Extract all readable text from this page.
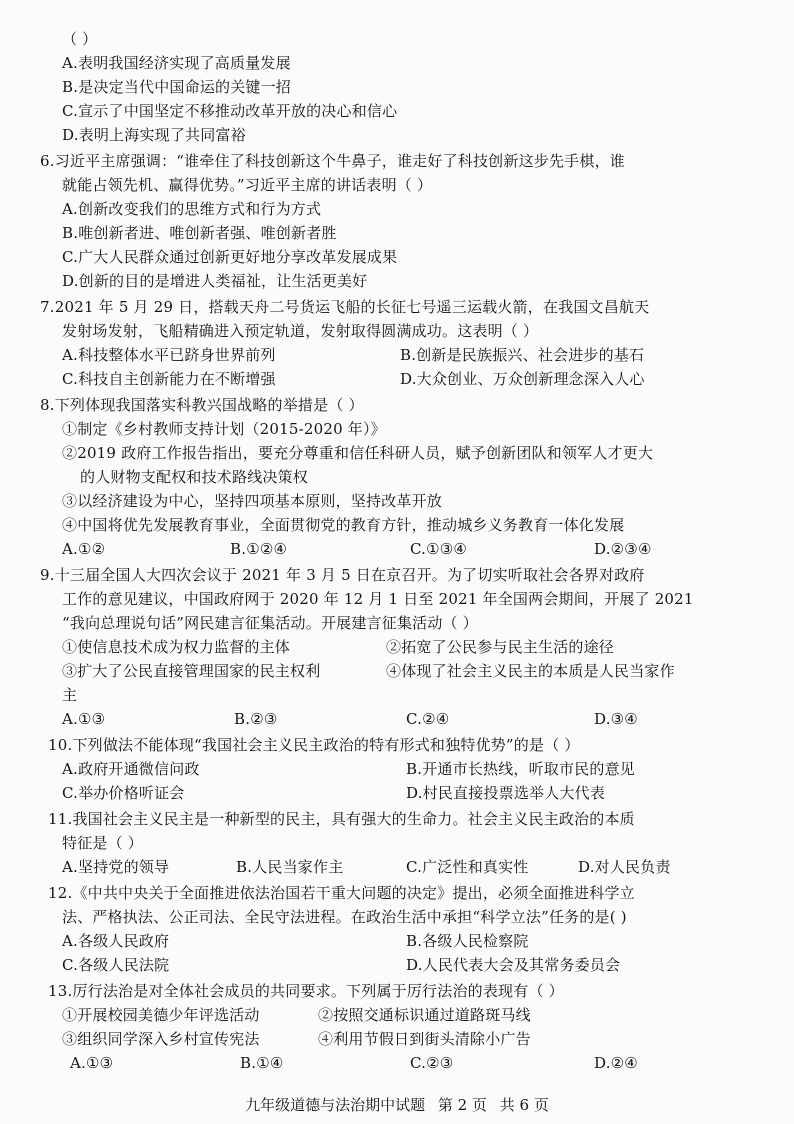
（ ）
A.表明我国经济实现了高质量发展
B.是决定当代中国命运的关键一招
C.宣示了中国坚定不移推动改革开放的决心和信心
D.表明上海实现了共同富裕
6.习近平主席强调：“谁牵住了科技创新这个牛鼻子，谁走好了科技创新这步先手棋，谁
就能占领先机、赢得优势。”习近平主席的讲话表明（ ）
A.创新改变我们的思维方式和行为方式
B.唯创新者进、唯创新者强、唯创新者胜
C.广大人民群众通过创新更好地分享改革发展成果
D.创新的目的是增进人类福祉，让生活更美好
7.2021 年 5 月 29 日，搭载天舟二号货运飞船的长征七号遥三运载火箭，在我国文昌航天
发射场发射，飞船精确进入预定轨道，发射取得圆满成功。这表明（ ）
A.科技整体水平已跻身世界前列	B.创新是民族振兴、社会进步的基石
C.科技自主创新能力在不断增强	D.大众创业、万众创新理念深入人心
8.下列体现我国落实科教兴国战略的举措是（ ）
①制定《乡村教师支持计划（2015-2020 年）》
②2019 政府工作报告指出，要充分尊重和信任科研人员，赋予创新团队和领军人才更大
的人财物支配权和技术路线决策权
③以经济建设为中心，坚持四项基本原则，坚持改革开放
④中国将优先发展教育事业，全面贯彻党的教育方针，推动城乡义务教育一体化发展
A.①②	B.①②④	C.①③④	D.②③④
9.十三届全国人大四次会议于 2021 年 3 月 5 日在京召开。为了切实听取社会各界对政府
工作的意见建议，中国政府网于 2020 年 12 月 1 日至 2021 年全国两会期间，开展了 2021
“我向总理说句话”网民建言征集活动。开展建言征集活动（ ）
①使信息技术成为权力监督的主体	②拓宽了公民参与民主生活的途径
③扩大了公民直接管理国家的民主权利	④体现了社会主义民主的本质是人民当家作
主
A.①③	B.②③	C.②④	D.③④
10.下列做法不能体现“我国社会主义民主政治的特有形式和独特优势”的是（ ）
A.政府开通微信问政	B.开通市长热线，听取市民的意见
C.举办价格听证会	D.村民直接投票选举人大代表
11.我国社会主义民主是一种新型的民主，具有强大的生命力。社会主义民主政治的本质
特征是（ ）
A.坚持党的领导	B.人民当家作主	C.广泛性和真实性	D.对人民负责
12.《中共中央关于全面推进依法治国若干重大问题的决定》提出，必须全面推进科学立
法、严格执法、公正司法、全民守法进程。在政治生活中承担“科学立法”任务的是( )
A.各级人民政府	B.各级人民检察院
C.各级人民法院	D.人民代表大会及其常务委员会
13.厉行法治是对全体社会成员的共同要求。下列属于厉行法治的表现有（ ）
①开展校园美德少年评选活动	②按照交通标识通过道路斑马线
③组织同学深入乡村宣传宪法	④利用节假日到街头清除小广告
A.①③	B.①④	C.②③	D.②④
九年级道德与法治期中试题 第 2 页 共 6 页
